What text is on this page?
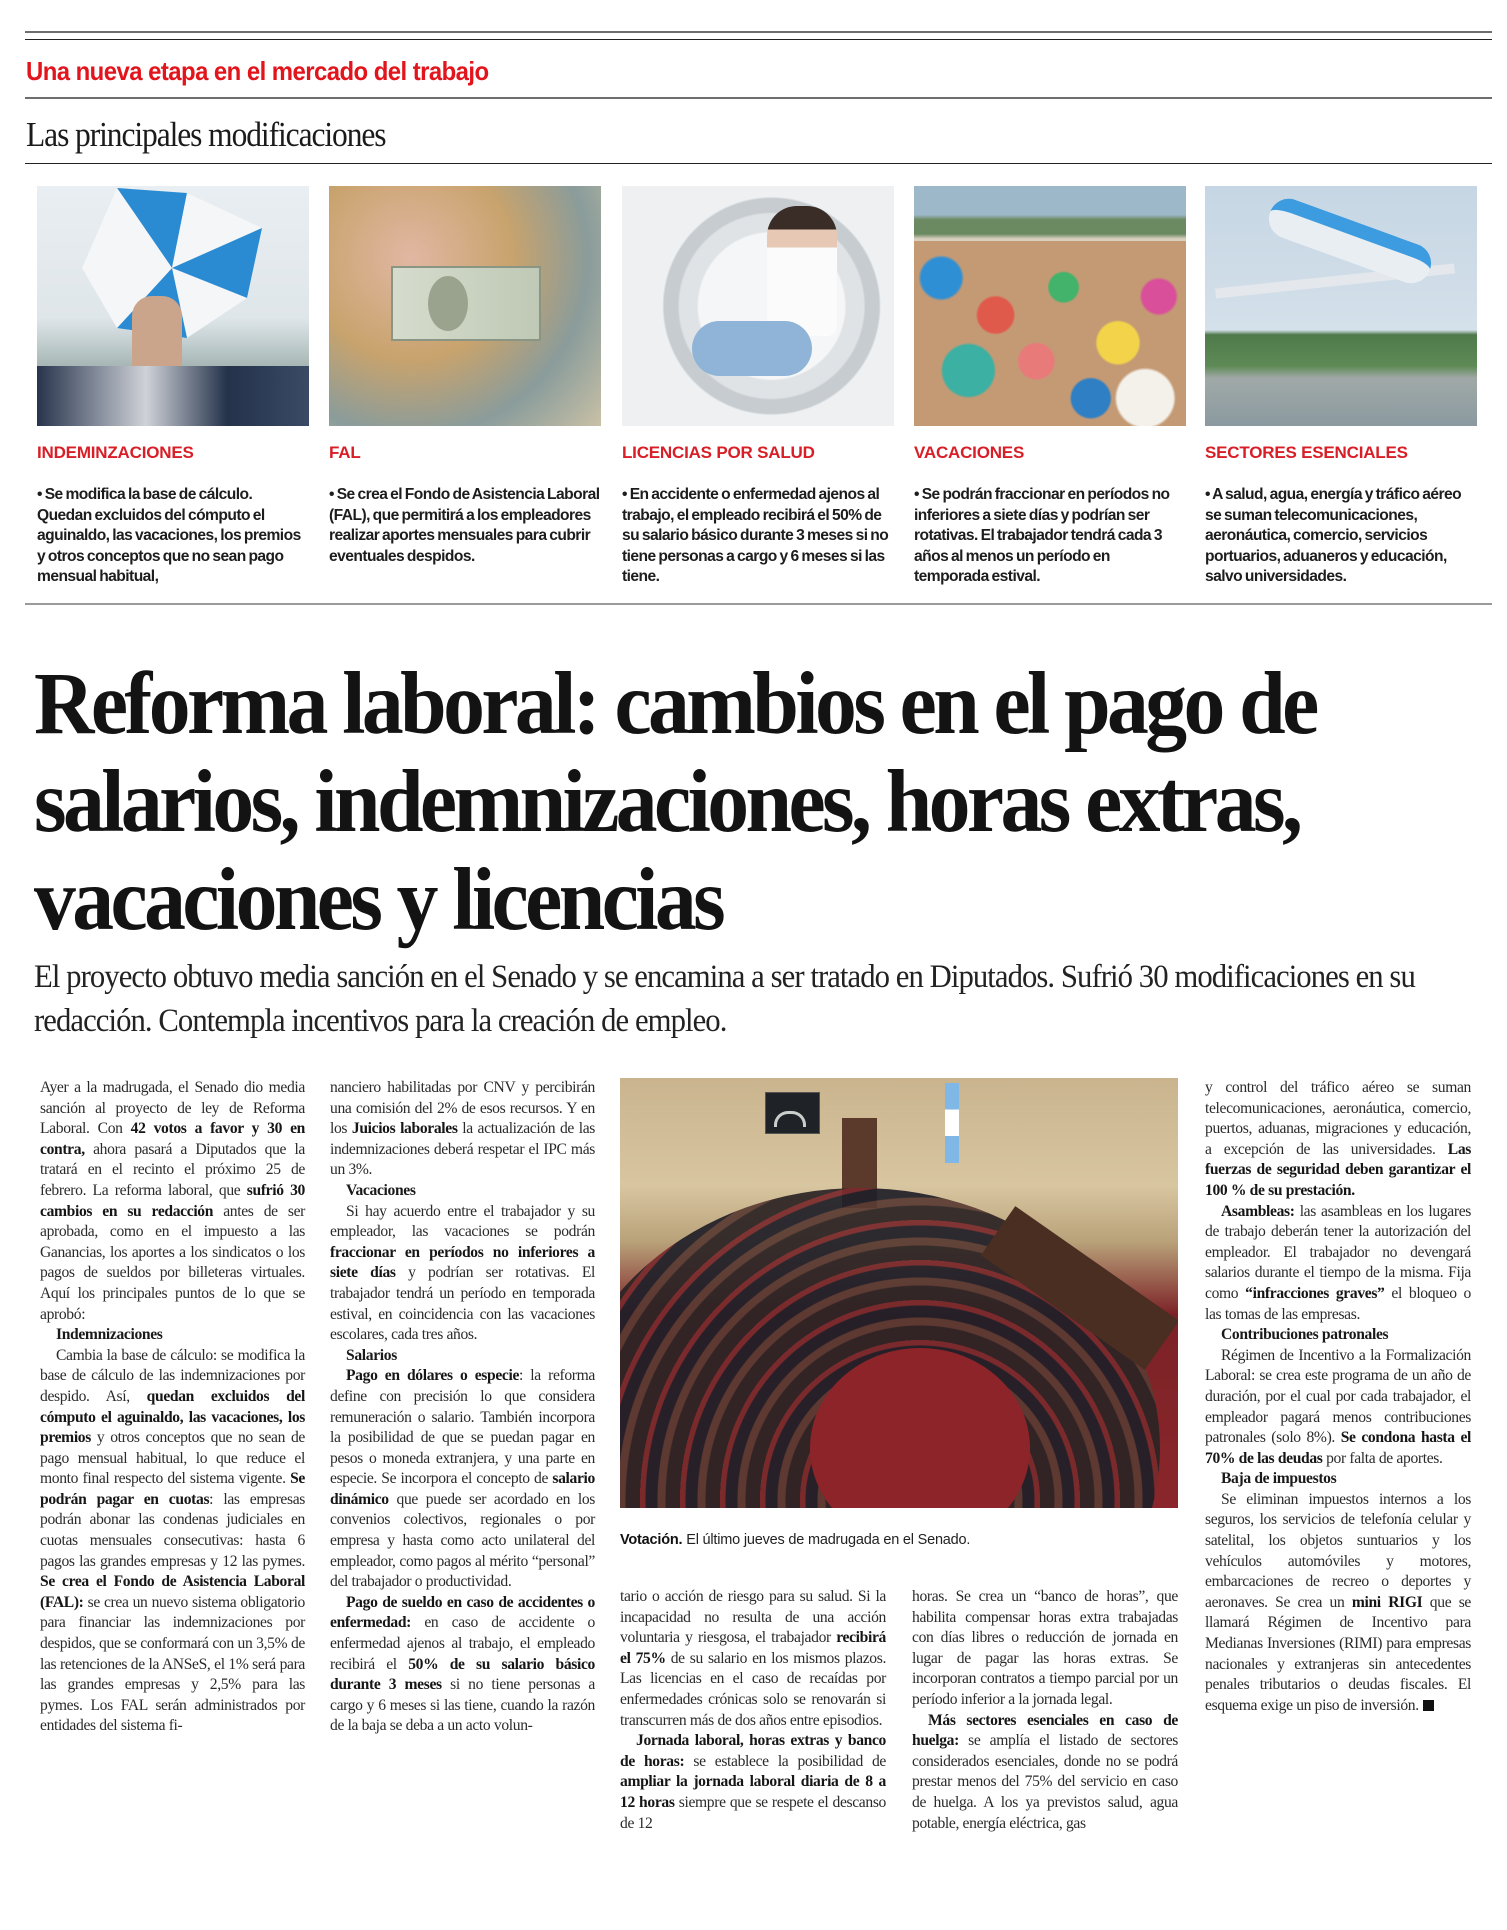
Una nueva etapa en el mercado del trabajo
Las principales modificaciones
INDEMINZACIONES
• Se modifica la base de cálculo. Quedan excluidos del cómputo el aguinaldo, las vacaciones, los premios y otros conceptos que no sean pago mensual habitual,
FAL
• Se crea el Fondo de Asistencia Laboral (FAL), que permitirá a los empleadores realizar aportes mensuales para cubrir eventuales despidos.
LICENCIAS POR SALUD
• En accidente o enfermedad ajenos al trabajo, el empleado recibirá el 50% de su salario básico durante 3 meses si no tiene personas a cargo y 6 meses si las tiene.
VACACIONES
• Se podrán fraccionar en períodos no inferiores a siete días y podrían ser rotativas. El trabajador tendrá cada 3 años al menos un período en temporada estival.
SECTORES ESENCIALES
• A salud, agua, energía y tráfico aéreo se suman telecomunicaciones, aeronáutica, comercio, servicios portuarios, aduaneros y educación, salvo universidades.
Reforma laboral: cambios en el pago de salarios, indemnizaciones, horas extras, vacaciones y licencias
El proyecto obtuvo media sanción en el Senado y se encamina a ser tratado en Diputados. Sufrió 30 modificaciones en su redacción. Contempla incentivos para la creación de empleo.

Ayer a la madrugada, el Senado dio media sanción al proyecto de ley de Reforma Laboral. Con 42 votos a favor y 30 en contra, ahora pasará a Diputados que la tratará en el recinto el próximo 25 de febrero. La reforma laboral, que sufrió 30 cambios en su redacción antes de ser aprobada, como en el impuesto a las Ganancias, los aportes a los sindicatos o los pagos de sueldos por billeteras virtuales. Aquí los principales puntos de lo que se aprobó:

Indemnizaciones

Cambia la base de cálculo: se modifica la base de cálculo de las indemnizaciones por despido. Así, quedan excluidos del cómputo el aguinaldo, las vacaciones, los premios y otros conceptos que no sean de pago mensual habitual, lo que reduce el monto final respecto del sistema vigente. Se podrán pagar en cuotas: las empresas podrán abonar las condenas judiciales en cuotas mensuales consecutivas: hasta 6 pagos las grandes empresas y 12 las pymes. Se crea el Fondo de Asistencia Laboral (FAL): se crea un nuevo sistema obligatorio para financiar las indemnizaciones por despidos, que se conformará con un 3,5% de las retenciones de la ANSeS, el 1% será para las grandes empresas y 2,5% para las pymes. Los FAL serán administrados por entidades del sistema fi-

nanciero habilitadas por CNV y percibirán una comisión del 2% de esos recursos. Y en los Juicios laborales la actualización de las indemnizaciones deberá respetar el IPC más un 3%.

Vacaciones

Si hay acuerdo entre el trabajador y su empleador, las vacaciones se podrán fraccionar en períodos no inferiores a siete días y podrían ser rotativas. El trabajador tendrá un período en temporada estival, en coincidencia con las vacaciones escolares, cada tres años.

Salarios

Pago en dólares o especie: la reforma define con precisión lo que considera remuneración o salario. También incorpora la posibilidad de que se puedan pagar en pesos o moneda extranjera, y una parte en especie. Se incorpora el concepto de salario dinámico que puede ser acordado en los convenios colectivos, regionales o por empresa y hasta como acto unilateral del empleador, como pagos al mérito “personal” del trabajador o productividad.

Pago de sueldo en caso de accidentes o enfermedad: en caso de accidente o enfermedad ajenos al trabajo, el empleado recibirá el 50% de su salario básico durante 3 meses si no tiene personas a cargo y 6 meses si las tiene, cuando la razón de la baja se deba a un acto volun-

Votación. El último jueves de madrugada en el Senado.

tario o acción de riesgo para su salud. Si la incapacidad no resulta de una acción voluntaria y riesgosa, el trabajador recibirá el 75% de su salario en los mismos plazos. Las licencias en el caso de recaídas por enfermedades crónicas solo se renovarán si transcurren más de dos años entre episodios.

Jornada laboral, horas extras y banco de horas: se establece la posibilidad de ampliar la jornada laboral diaria de 8 a 12 horas siempre que se respete el descanso de 12

horas. Se crea un “banco de horas”, que habilita compensar horas extra trabajadas con días libres o reducción de jornada en lugar de pagar las horas extras. Se incorporan contratos a tiempo parcial por un período inferior a la jornada legal.

Más sectores esenciales en caso de huelga: se amplía el listado de sectores considerados esenciales, donde no se podrá prestar menos del 75% del servicio en caso de huelga. A los ya previstos salud, agua potable, energía eléctrica, gas

y control del tráfico aéreo se suman telecomunicaciones, aeronáutica, comercio, puertos, aduanas, migraciones y educación, a excepción de las universidades. Las fuerzas de seguridad deben garantizar el 100 % de su prestación.

Asambleas: las asambleas en los lugares de trabajo deberán tener la autorización del empleador. El trabajador no devengará salarios durante el tiempo de la misma. Fija como “infracciones graves” el bloqueo o las tomas de las empresas.

Contribuciones patronales

Régimen de Incentivo a la Formalización Laboral: se crea este programa de un año de duración, por el cual por cada trabajador, el empleador pagará menos contribuciones patronales (solo 8%). Se condona hasta el 70% de las deudas por falta de aportes.

Baja de impuestos

Se eliminan impuestos internos a los seguros, los servicios de telefonía celular y satelital, los objetos suntuarios y los vehículos automóviles y motores, embarcaciones de recreo o deportes y aeronaves. Se crea un mini RIGI que se llamará Régimen de Incentivo para Medianas Inversiones (RIMI) para empresas nacionales y extranjeras sin antecedentes penales tributarios o deudas fiscales. El esquema exige un piso de inversión.
